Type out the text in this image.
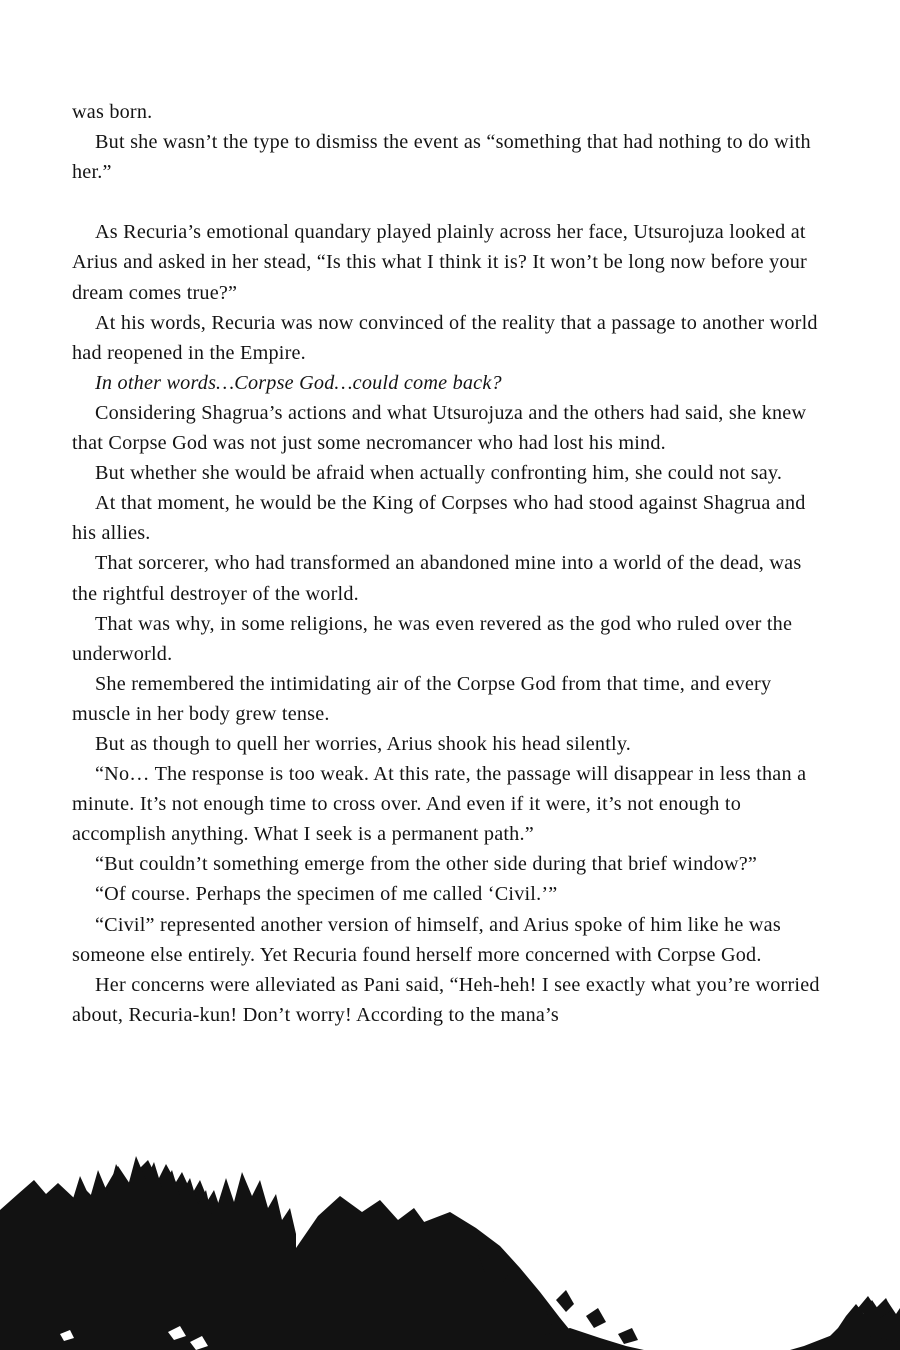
was born.

But she wasn’t the type to dismiss the event as “something that had nothing to do with her.”

As Recuria’s emotional quandary played plainly across her face, Utsurojuza looked at Arius and asked in her stead, “Is this what I think it is? It won’t be long now before your dream comes true?”

At his words, Recuria was now convinced of the reality that a passage to another world had reopened in the Empire.

In other words…Corpse God…could come back?

Considering Shagrua’s actions and what Utsurojuza and the others had said, she knew that Corpse God was not just some necromancer who had lost his mind.

But whether she would be afraid when actually confronting him, she could not say.

At that moment, he would be the King of Corpses who had stood against Shagrua and his allies.

That sorcerer, who had transformed an abandoned mine into a world of the dead, was the rightful destroyer of the world.

That was why, in some religions, he was even revered as the god who ruled over the underworld.

She remembered the intimidating air of the Corpse God from that time, and every muscle in her body grew tense.

But as though to quell her worries, Arius shook his head silently.

“No… The response is too weak. At this rate, the passage will disappear in less than a minute. It’s not enough time to cross over. And even if it were, it’s not enough to accomplish anything. What I seek is a permanent path.”

“But couldn’t something emerge from the other side during that brief window?”

“Of course. Perhaps the specimen of me called ‘Civil.’”

“Civil” represented another version of himself, and Arius spoke of him like he was someone else entirely. Yet Recuria found herself more concerned with Corpse God.

Her concerns were alleviated as Pani said, “Heh-heh! I see exactly what you’re worried about, Recuria-kun! Don’t worry! According to the mana’s
